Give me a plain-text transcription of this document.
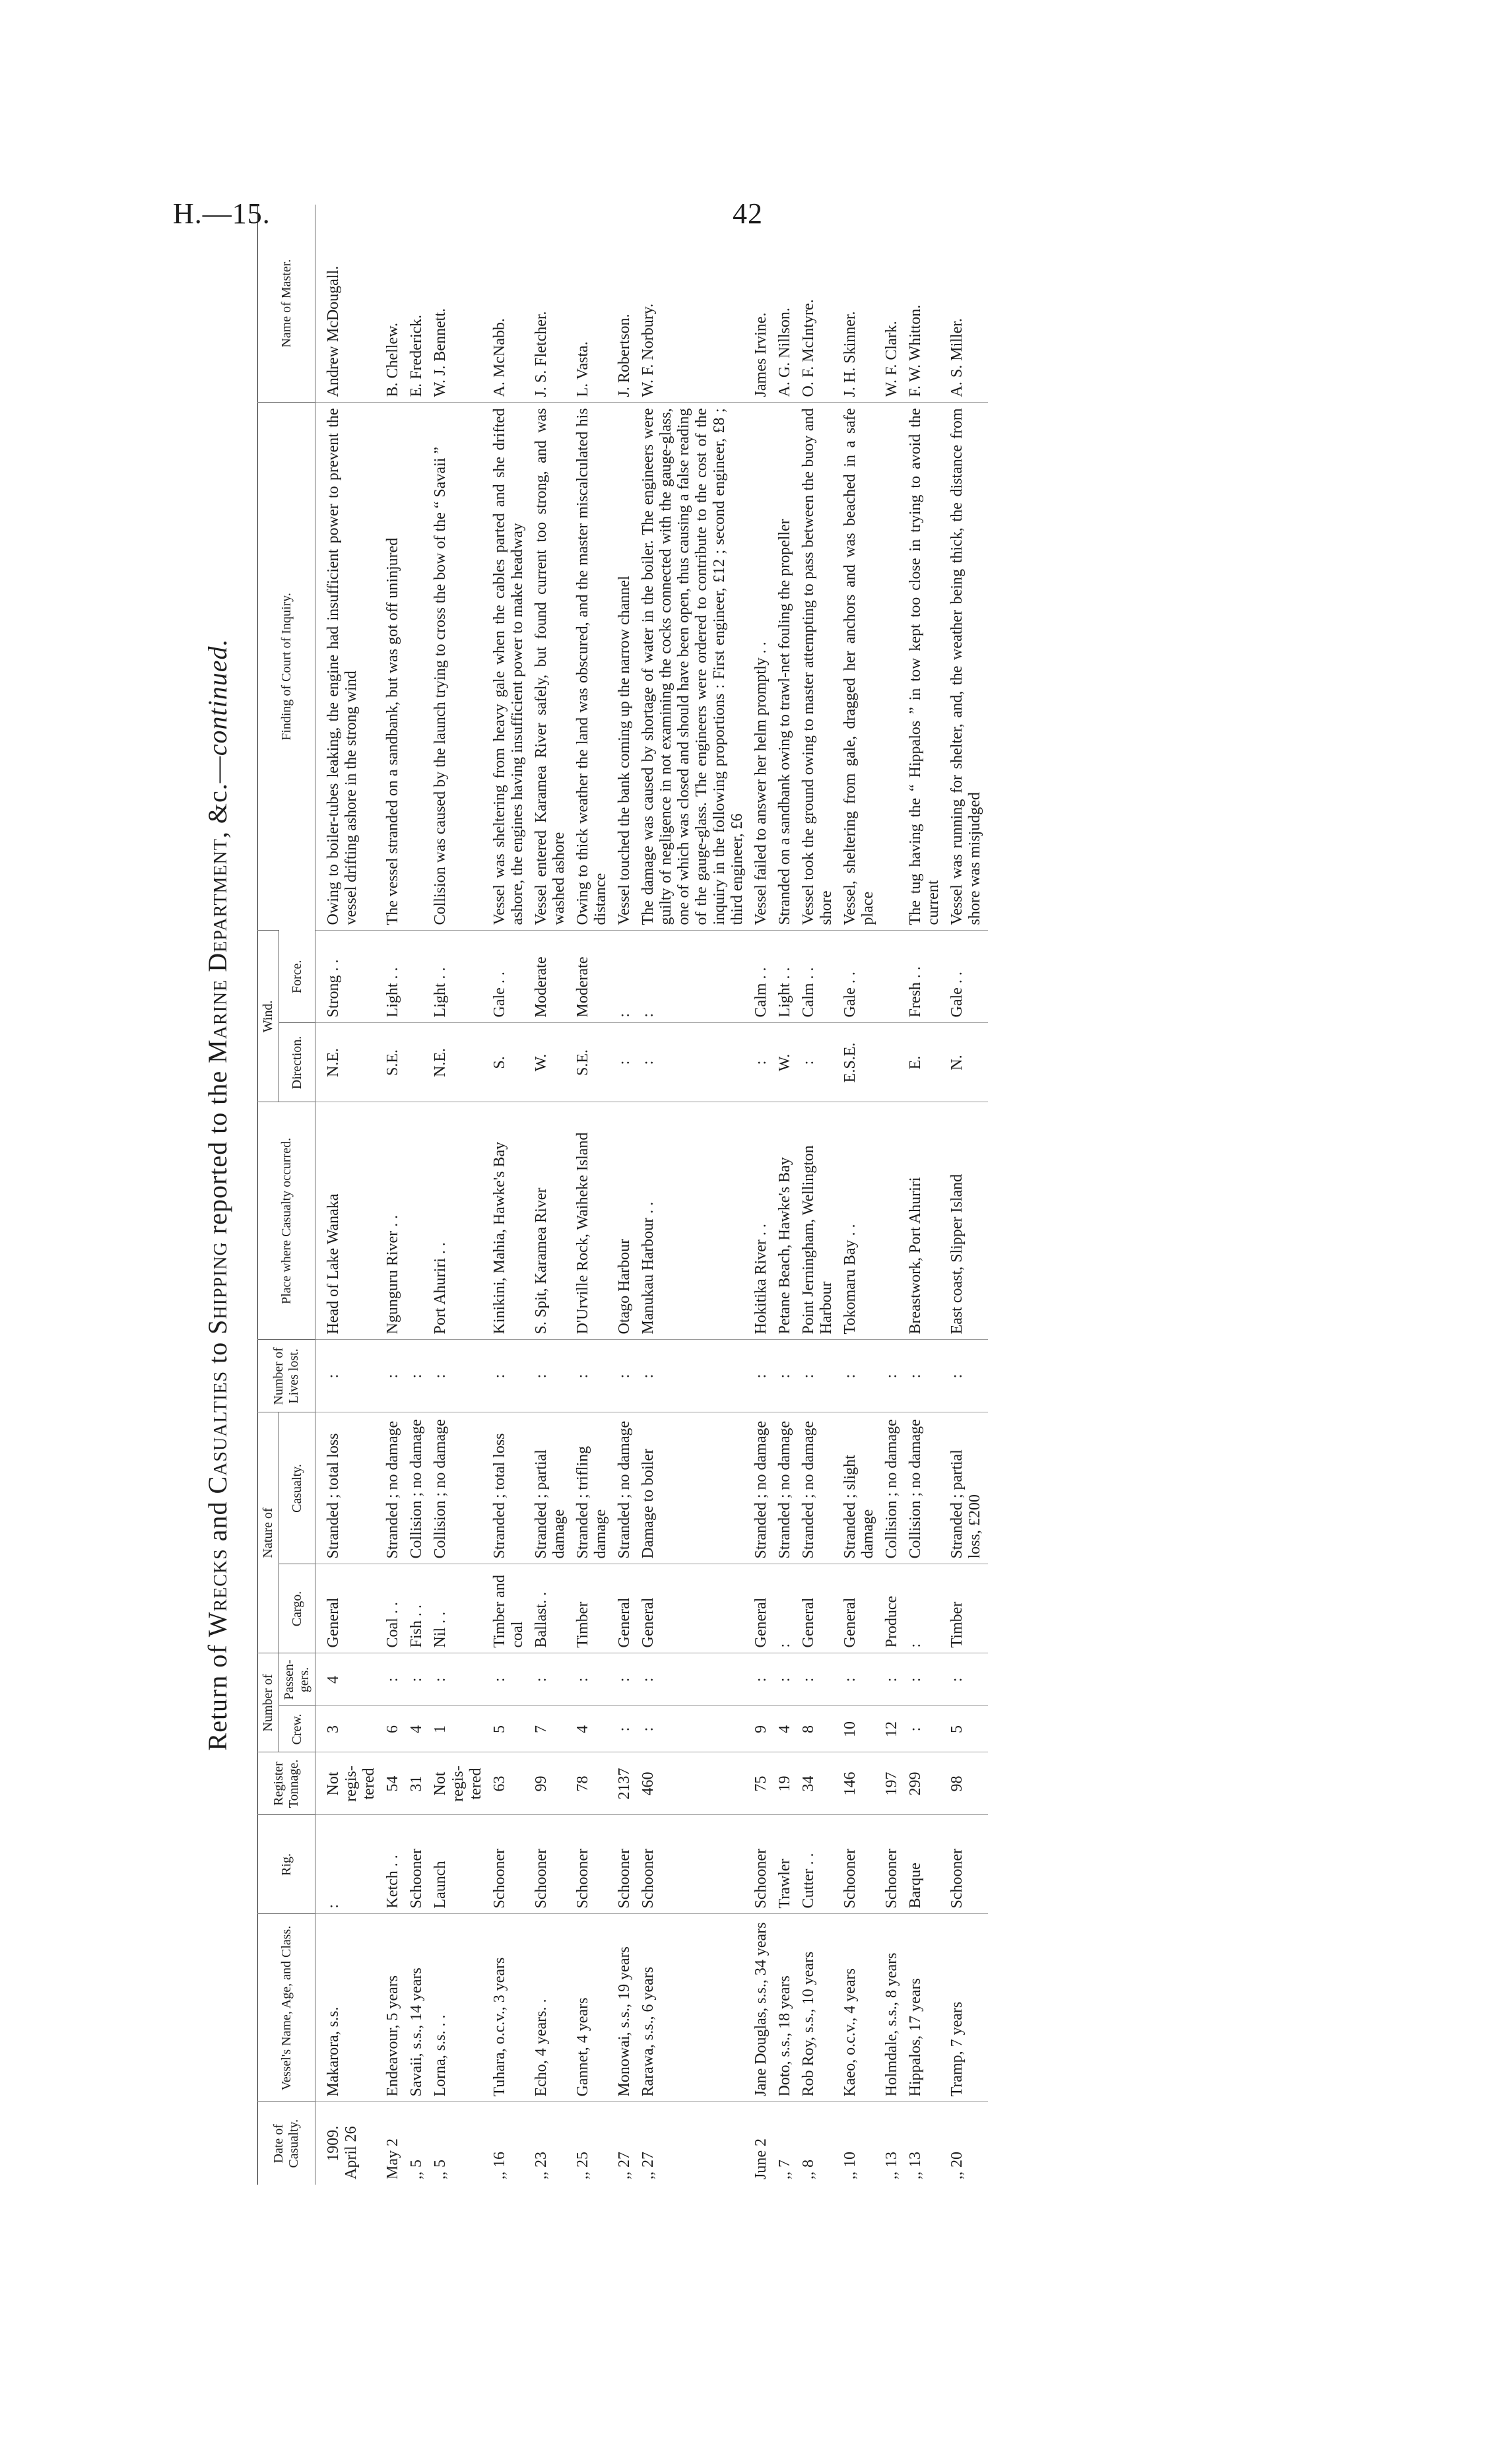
H.—15.	42
Return of Wrecks and Casualties to Shipping reported to the Marine Department, &c.—continued.
Date of Casualty.	Vessel's Name, Age, and Class.	Rig.	Register Tonnage.	Number of		Nature of		Number of Lives lost.	Place where Casualty occurred.	Wind.		Finding of Court of Inquiry.	Name of Master.
				Crew.	Passen-gers.	Cargo.	Casualty.			Direction.	Force.		

1909. April 26	Makarora, s.s.	:	Not regis-tered	3	4	General	Stranded ; total loss	:	Head of Lake Wanaka	N.E.	Strong . .	Owing to boiler-tubes leaking, the engine had insufficient power to prevent the vessel drifting ashore in the strong wind	Andrew McDougall.
May 2	Endeavour, 5 years	Ketch . .	54	6	:	Coal . .	Stranded ; no damage	:	Ngunguru River . .	S.E.	Light . .	The vessel stranded on a sandbank, but was got off uninjured	B. Chellew.
,, 5	Savaii, s.s., 14 years	Schooner	31	4	:	Fish . .	Collision ; no damage	:					E. Frederick.
,, 5	Lorna, s.s. . .	Launch	Not regis-tered	1	:	Nil . .	Collision ; no damage	:	Port Ahuriri . .	N.E.	Light . .	Collision was caused by the launch trying to cross the bow of the “ Savaii ”	W. J. Bennett.
,, 16	Tuhara, o.c.v., 3 years	Schooner	63	5	:	Timber and coal	Stranded ; total loss	:	Kinikini, Mahia, Hawke's Bay	S.	Gale . .	Vessel was sheltering from heavy gale when the cables parted and she drifted ashore, the engines having insufficient power to make headway	A. McNabb.
,, 23	Echo, 4 years. .	Schooner	99	7	:	Ballast. .	Stranded ; partial damage	:	S. Spit, Karamea River	W.	Moderate	Vessel entered Karamea River safely, but found current too strong, and was washed ashore	J. S. Fletcher.
,, 25	Gannet, 4 years	Schooner	78	4	:	Timber	Stranded ; trifling damage	:	D'Urville Rock, Waiheke Island	S.E.	Moderate	Owing to thick weather the land was obscured, and the master miscalculated his distance	L. Vasta.
,, 27	Monowai, s.s., 19 years	Schooner	2137	:	:	General	Stranded ; no damage	:	Otago Harbour	:	:	Vessel touched the bank coming up the narrow channel	J. Robertson.
,, 27	Rarawa, s.s., 6 years	Schooner	460	:	:	General	Damage to boiler	:	Manukau Harbour . .	:	:	The damage was caused by shortage of water in the boiler. The engineers were guilty of negligence in not examining the cocks connected with the gauge-glass, one of which was closed and should have been open, thus causing a false reading of the gauge-glass. The engineers were ordered to contribute to the cost of the inquiry in the following proportions : First engineer, £12 ; second engineer, £8 ; third engineer, £6	W. F. Norbury.
June 2	Jane Douglas, s.s., 34 years	Schooner	75	9	:	General	Stranded ; no damage	:	Hokitika River . .	:	Calm . .	Vessel failed to answer her helm promptly . .	James Irvine.
,, 7	Doto, s.s., 18 years	Trawler	19	4	:	:	Stranded ; no damage	:	Petane Beach, Hawke's Bay	W.	Light . .	Stranded on a sandbank owing to trawl-net fouling the propeller	A. G. Nillson.
,, 8	Rob Roy, s.s., 10 years	Cutter . .	34	8	:	General	Stranded ; no damage	:	Point Jerningham, Wellington Harbour	:	Calm . .	Vessel took the ground owing to master attempting to pass between the buoy and shore	O. F. McIntyre.
,, 10	Kaeo, o.c.v., 4 years	Schooner	146	10	:	General	Stranded ; slight damage	:	Tokomaru Bay . .	E.S.E.	Gale . .	Vessel, sheltering from gale, dragged her anchors and was beached in a safe place	J. H. Skinner.
,, 13	Holmdale, s.s., 8 years	Schooner	197	12	:	Produce	Collision ; no damage	:					W. F. Clark.
,, 13	Hippalos, 17 years	Barque	299	:	:	:	Collision ; no damage	:	Breastwork, Port Ahuriri	E.	Fresh . .	The tug having the “ Hippalos ” in tow kept too close in trying to avoid the current	F. W. Whitton.
,, 20	Tramp, 7 years	Schooner	98	5	:	Timber	Stranded ; partial loss, £200	:	East coast, Slipper Island	N.	Gale . .	Vessel was running for shelter, and, the weather being thick, the distance from shore was misjudged	A. S. Miller.
